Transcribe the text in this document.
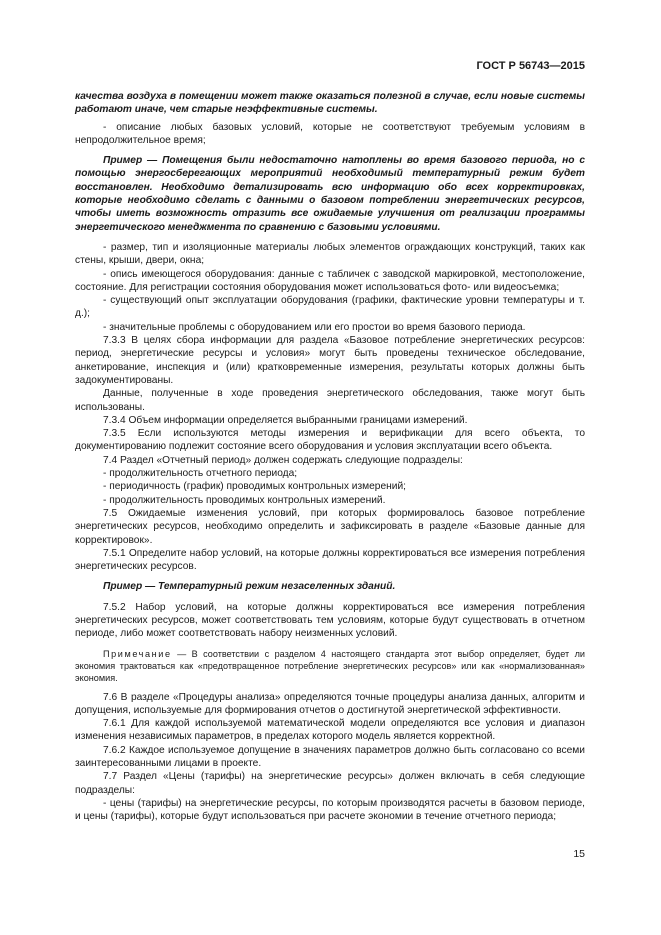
ГОСТ Р 56743—2015

качества воздуха в помещении может также оказаться полезной в случае, если новые системы работают иначе, чем старые неэффективные системы.

- описание любых базовых условий, которые не соответствуют требуемым условиям в непродолжительное время;

Пример — Помещения были недостаточно натоплены во время базового периода, но с помощью энергосберегающих мероприятий необходимый температурный режим будет восстановлен. Необходимо детализировать всю информацию обо всех корректировках, которые необходимо сделать с данными о базовом потреблении энергетических ресурсов, чтобы иметь возможность отразить все ожидаемые улучшения от реализации программы энергетического менеджмента по сравнению с базовыми условиями.

- размер, тип и изоляционные материалы любых элементов ограждающих конструкций, таких как стены, крыши, двери, окна;

- опись имеющегося оборудования: данные с табличек с заводской маркировкой, местоположение, состояние. Для регистрации состояния оборудования может использоваться фото- или видеосъемка;

- существующий опыт эксплуатации оборудования (графики, фактические уровни температуры и т. д.);

- значительные проблемы с оборудованием или его простои во время базового периода.

7.3.3 В целях сбора информации для раздела «Базовое потребление энергетических ресурсов: период, энергетические ресурсы и условия» могут быть проведены техническое обследование, анкетирование, инспекция и (или) кратковременные измерения, результаты которых должны быть задокументированы.

Данные, полученные в ходе проведения энергетического обследования, также могут быть использованы.

7.3.4 Объем информации определяется выбранными границами измерений.

7.3.5 Если используются методы измерения и верификации для всего объекта, то документированию подлежит состояние всего оборудования и условия эксплуатации всего объекта.

7.4 Раздел «Отчетный период» должен содержать следующие подразделы:

- продолжительность отчетного периода;

- периодичность (график) проводимых контрольных измерений;

- продолжительность проводимых контрольных измерений.

7.5 Ожидаемые изменения условий, при которых формировалось базовое потребление энергетических ресурсов, необходимо определить и зафиксировать в разделе «Базовые данные для корректировок».

7.5.1 Определите набор условий, на которые должны корректироваться все измерения потребления энергетических ресурсов.

Пример — Температурный режим незаселенных зданий.

7.5.2 Набор условий, на которые должны корректироваться все измерения потребления энергетических ресурсов, может соответствовать тем условиям, которые будут существовать в отчетном периоде, либо может соответствовать набору неизменных условий.

Примечание — В соответствии с разделом 4 настоящего стандарта этот выбор определяет, будет ли экономия трактоваться как «предотвращенное потребление энергетических ресурсов» или как «нормализованная» экономия.

7.6 В разделе «Процедуры анализа» определяются точные процедуры анализа данных, алгоритм и допущения, используемые для формирования отчетов о достигнутой энергетической эффективности.

7.6.1 Для каждой используемой математической модели определяются все условия и диапазон изменения независимых параметров, в пределах которого модель является корректной.

7.6.2 Каждое используемое допущение в значениях параметров должно быть согласовано со всеми заинтересованными лицами в проекте.

7.7 Раздел «Цены (тарифы) на энергетические ресурсы» должен включать в себя следующие подразделы:

- цены (тарифы) на энергетические ресурсы, по которым производятся расчеты в базовом периоде, и цены (тарифы), которые будут использоваться при расчете экономии в течение отчетного периода;

15
